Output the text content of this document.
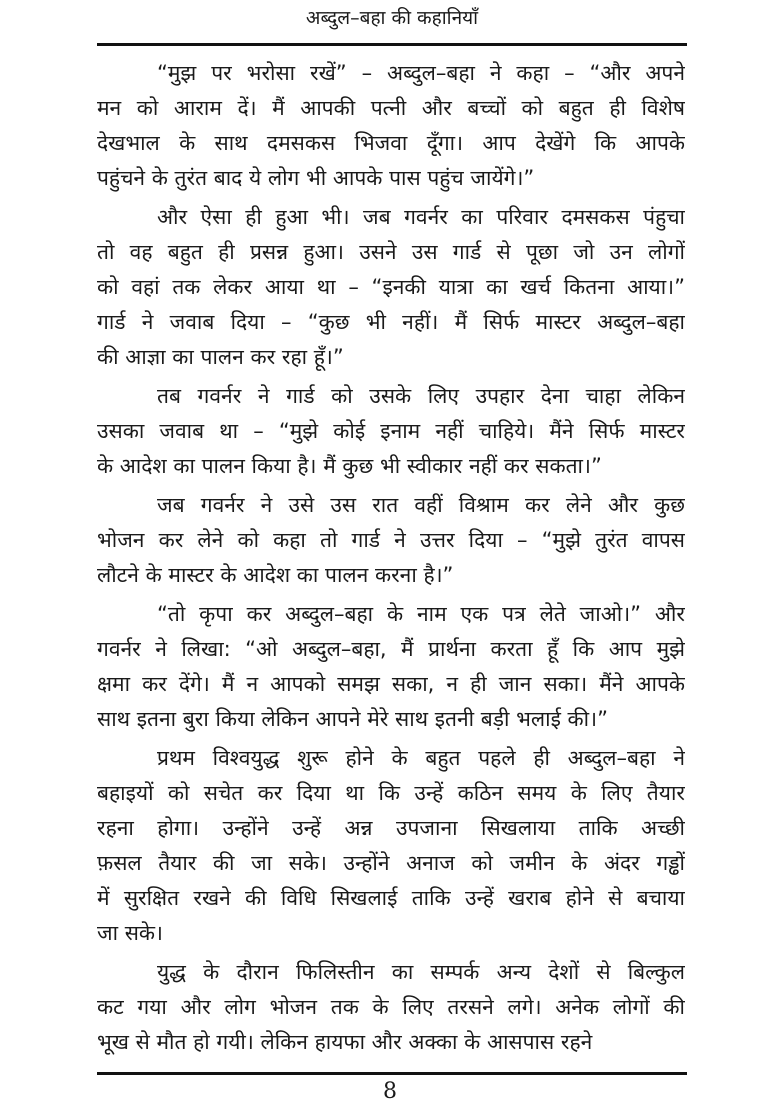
अब्दुल–बहा की कहानियाँ
“मुझ पर भरोसा रखें” – अब्दुल–बहा ने कहा – “और अपने
मन को आराम दें। मैं आपकी पत्नी और बच्चों को बहुत ही विशेष
देखभाल के साथ दमसकस भिजवा दूँगा। आप देखेंगे कि आपके
पहुंचने के तुरंत बाद ये लोग भी आपके पास पहुंच जायेंगे।”
और ऐसा ही हुआ भी। जब गवर्नर का परिवार दमसकस पंहुचा
तो वह बहुत ही प्रसन्न हुआ। उसने उस गार्ड से पूछा जो उन लोगों
को वहां तक लेकर आया था – “इनकी यात्रा का खर्च कितना आया।”
गार्ड ने जवाब दिया – “कुछ भी नहीं। मैं सिर्फ मास्टर अब्दुल–बहा
की आज्ञा का पालन कर रहा हूँ।”
तब गवर्नर ने गार्ड को उसके लिए उपहार देना चाहा लेकिन
उसका जवाब था – “मुझे कोई इनाम नहीं चाहिये। मैंने सिर्फ मास्टर
के आदेश का पालन किया है। मैं कुछ भी स्वीकार नहीं कर सकता।”
जब गवर्नर ने उसे उस रात वहीं विश्राम कर लेने और कुछ
भोजन कर लेने को कहा तो गार्ड ने उत्तर दिया – “मुझे तुरंत वापस
लौटने के मास्टर के आदेश का पालन करना है।”
“तो कृपा कर अब्दुल–बहा के नाम एक पत्र लेते जाओ।” और
गवर्नर ने लिखा: “ओ अब्दुल–बहा, मैं प्रार्थना करता हूँ कि आप मुझे
क्षमा कर देंगे। मैं न आपको समझ सका, न ही जान सका। मैंने आपके
साथ इतना बुरा किया लेकिन आपने मेरे साथ इतनी बड़ी भलाई की।”
प्रथम विश्वयुद्ध शुरू होने के बहुत पहले ही अब्दुल–बहा ने
बहाइयों को सचेत कर दिया था कि उन्हें कठिन समय के लिए तैयार
रहना होगा। उन्होंने उन्हें अन्न उपजाना सिखलाया ताकि अच्छी
फ़सल तैयार की जा सके। उन्होंने अनाज को जमीन के अंदर गड्ढों
में सुरक्षित रखने की विधि सिखलाई ताकि उन्हें खराब होने से बचाया
जा सके।
युद्ध के दौरान फिलिस्तीन का सम्पर्क अन्य देशों से बिल्कुल
कट गया और लोग भोजन तक के लिए तरसने लगे। अनेक लोगों की
भूख से मौत हो गयी। लेकिन हायफा और अक्का के आसपास रहने
8
